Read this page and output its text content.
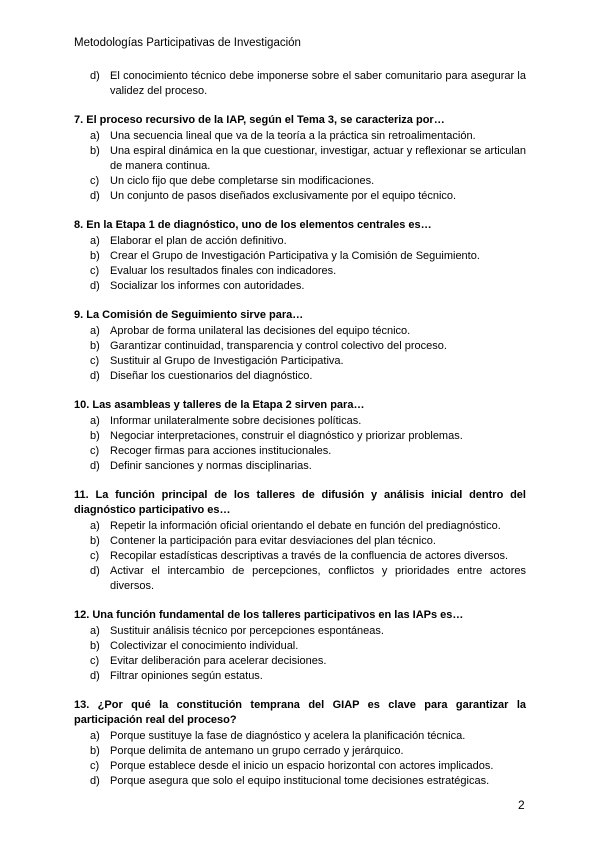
Metodologías Participativas de Investigación
d) El conocimiento técnico debe imponerse sobre el saber comunitario para asegurar la validez del proceso.
7. El proceso recursivo de la IAP, según el Tema 3, se caracteriza por…
a) Una secuencia lineal que va de la teoría a la práctica sin retroalimentación.
b) Una espiral dinámica en la que cuestionar, investigar, actuar y reflexionar se articulan de manera continua.
c) Un ciclo fijo que debe completarse sin modificaciones.
d) Un conjunto de pasos diseñados exclusivamente por el equipo técnico.
8. En la Etapa 1 de diagnóstico, uno de los elementos centrales es…
a) Elaborar el plan de acción definitivo.
b) Crear el Grupo de Investigación Participativa y la Comisión de Seguimiento.
c) Evaluar los resultados finales con indicadores.
d) Socializar los informes con autoridades.
9. La Comisión de Seguimiento sirve para…
a) Aprobar de forma unilateral las decisiones del equipo técnico.
b) Garantizar continuidad, transparencia y control colectivo del proceso.
c) Sustituir al Grupo de Investigación Participativa.
d) Diseñar los cuestionarios del diagnóstico.
10. Las asambleas y talleres de la Etapa 2 sirven para…
a) Informar unilateralmente sobre decisiones políticas.
b) Negociar interpretaciones, construir el diagnóstico y priorizar problemas.
c) Recoger firmas para acciones institucionales.
d) Definir sanciones y normas disciplinarias.
11. La función principal de los talleres de difusión y análisis inicial dentro del diagnóstico participativo es…
a) Repetir la información oficial orientando el debate en función del prediagnóstico.
b) Contener la participación para evitar desviaciones del plan técnico.
c) Recopilar estadísticas descriptivas a través de la confluencia de actores diversos.
d) Activar el intercambio de percepciones, conflictos y prioridades entre actores diversos.
12. Una función fundamental de los talleres participativos en las IAPs es…
a) Sustituir análisis técnico por percepciones espontáneas.
b) Colectivizar el conocimiento individual.
c) Evitar deliberación para acelerar decisiones.
d) Filtrar opiniones según estatus.
13. ¿Por qué la constitución temprana del GIAP es clave para garantizar la participación real del proceso?
a) Porque sustituye la fase de diagnóstico y acelera la planificación técnica.
b) Porque delimita de antemano un grupo cerrado y jerárquico.
c) Porque establece desde el inicio un espacio horizontal con actores implicados.
d) Porque asegura que solo el equipo institucional tome decisiones estratégicas.
2
